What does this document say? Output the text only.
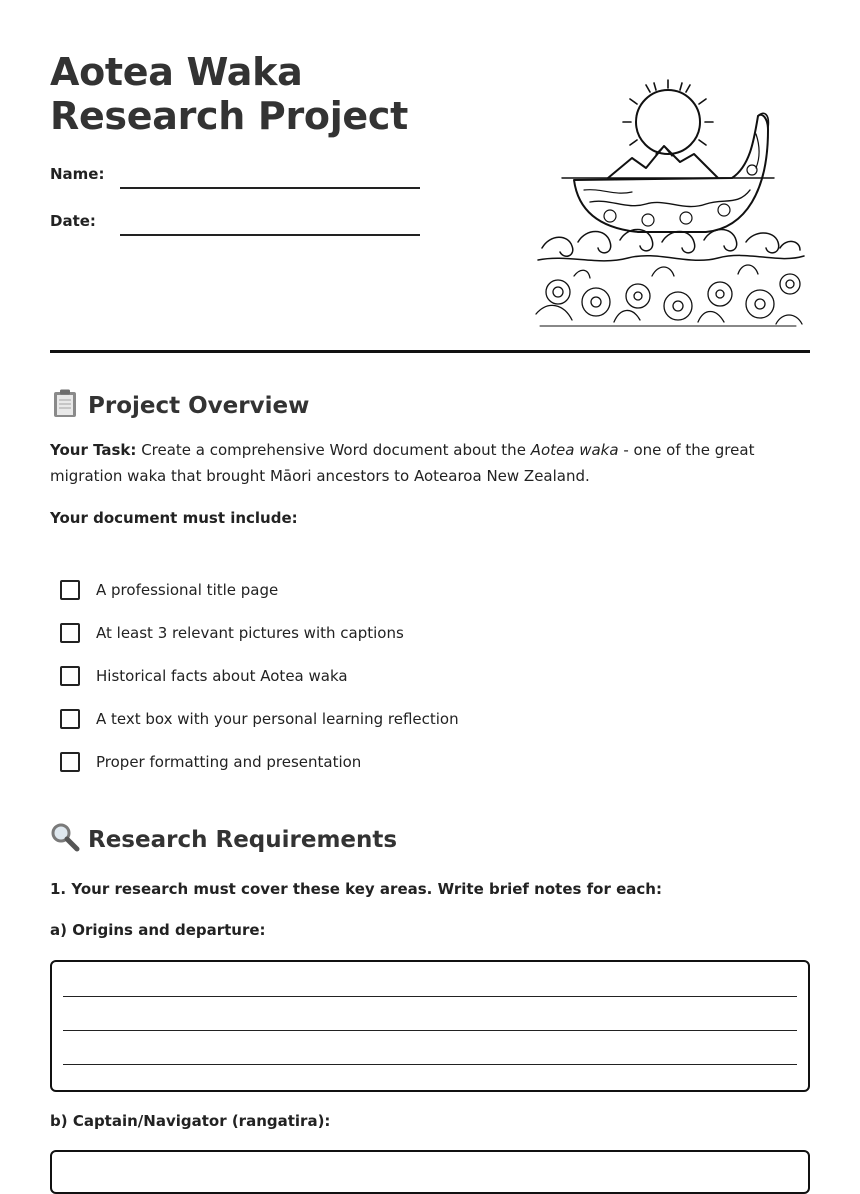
Aotea Waka Research Project
Name:
Date:
Project Overview

Your Task: Create a comprehensive Word document about the Aotea waka - one of the great migration waka that brought Māori ancestors to Aotearoa New Zealand.

Your document must include:

A professional title page
At least 3 relevant pictures with captions
Historical facts about Aotea waka
A text box with your personal learning reflection
Proper formatting and presentation
Research Requirements

1. Your research must cover these key areas. Write brief notes for each:

a) Origins and departure:

b) Captain/Navigator (rangatira):
